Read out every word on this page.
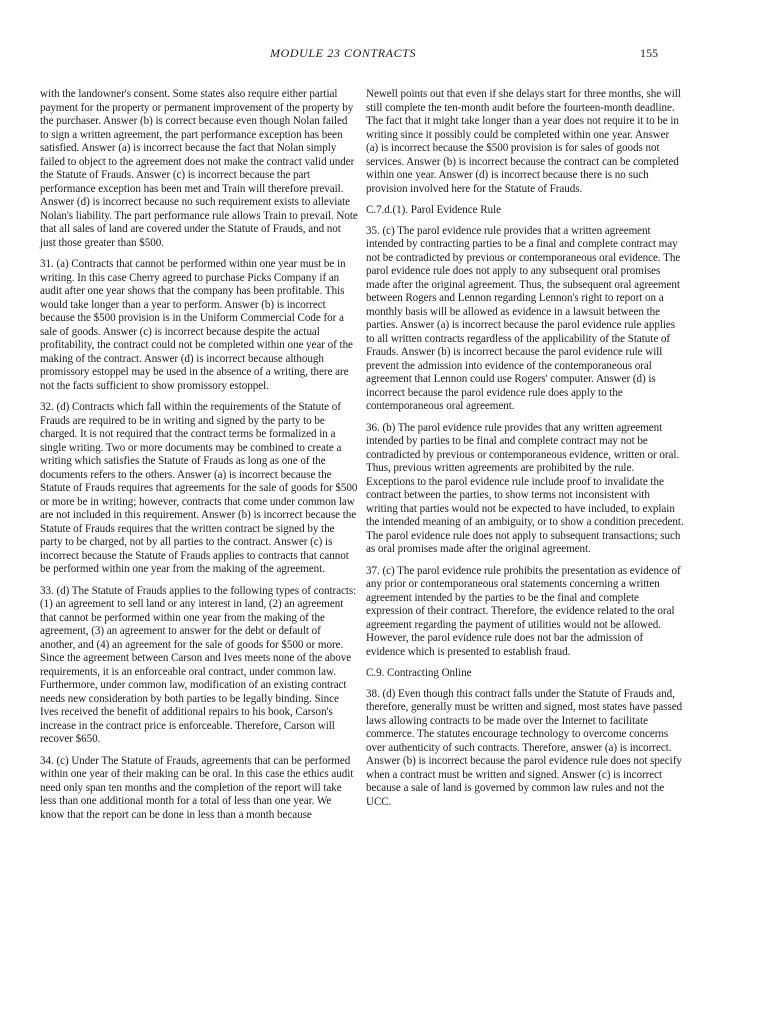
MODULE 23 CONTRACTS	155

with the landowner's consent. Some states also require either partial payment for the property or permanent improvement of the property by the purchaser. Answer (b) is correct because even though Nolan failed to sign a written agreement, the part performance exception has been satisfied. Answer (a) is incorrect because the fact that Nolan simply failed to object to the agreement does not make the contract valid under the Statute of Frauds. Answer (c) is incorrect because the part performance exception has been met and Train will therefore prevail. Answer (d) is incorrect because no such requirement exists to alleviate Nolan's liability. The part performance rule allows Train to prevail. Note that all sales of land are covered under the Statute of Frauds, and not just those greater than $500.

31. (a) Contracts that cannot be performed within one year must be in writing. In this case Cherry agreed to purchase Picks Company if an audit after one year shows that the company has been profitable. This would take longer than a year to perform. Answer (b) is incorrect because the $500 provision is in the Uniform Commercial Code for a sale of goods. Answer (c) is incorrect because despite the actual profitability, the contract could not be completed within one year of the making of the contract. Answer (d) is incorrect because although promissory estoppel may be used in the absence of a writing, there are not the facts sufficient to show promissory estoppel.

32. (d) Contracts which fall within the requirements of the Statute of Frauds are required to be in writing and signed by the party to be charged. It is not required that the contract terms be formalized in a single writing. Two or more documents may be combined to create a writing which satisfies the Statute of Frauds as long as one of the documents refers to the others. Answer (a) is incorrect because the Statute of Frauds requires that agreements for the sale of goods for $500 or more be in writing; however, contracts that come under common law are not included in this requirement. Answer (b) is incorrect because the Statute of Frauds requires that the written contract be signed by the party to be charged, not by all parties to the contract. Answer (c) is incorrect because the Statute of Frauds applies to contracts that cannot be performed within one year from the making of the agreement.

33. (d) The Statute of Frauds applies to the following types of contracts: (1) an agreement to sell land or any interest in land, (2) an agreement that cannot be performed within one year from the making of the agreement, (3) an agreement to answer for the debt or default of another, and (4) an agreement for the sale of goods for $500 or more. Since the agreement between Carson and Ives meets none of the above requirements, it is an enforceable oral contract, under common law. Furthermore, under common law, modification of an existing contract needs new consideration by both parties to be legally binding. Since Ives received the benefit of additional repairs to his book, Carson's increase in the contract price is enforceable. Therefore, Carson will recover $650.

34. (c) Under The Statute of Frauds, agreements that can be performed within one year of their making can be oral. In this case the ethics audit need only span ten months and the completion of the report will take less than one additional month for a total of less than one year. We know that the report can be done in less than a month because

Newell points out that even if she delays start for three months, she will still complete the ten-month audit before the fourteen-month deadline. The fact that it might take longer than a year does not require it to be in writing since it possibly could be completed within one year. Answer (a) is incorrect because the $500 provision is for sales of goods not services. Answer (b) is incorrect because the contract can be completed within one year. Answer (d) is incorrect because there is no such provision involved here for the Statute of Frauds.

C.7.d.(1). Parol Evidence Rule

35. (c) The parol evidence rule provides that a written agreement intended by contracting parties to be a final and complete contract may not be contradicted by previous or contemporaneous oral evidence. The parol evidence rule does not apply to any subsequent oral promises made after the original agreement. Thus, the subsequent oral agreement between Rogers and Lennon regarding Lennon's right to report on a monthly basis will be allowed as evidence in a lawsuit between the parties. Answer (a) is incorrect because the parol evidence rule applies to all written contracts regardless of the applicability of the Statute of Frauds. Answer (b) is incorrect because the parol evidence rule will prevent the admission into evidence of the contemporaneous oral agreement that Lennon could use Rogers' computer. Answer (d) is incorrect because the parol evidence rule does apply to the contemporaneous oral agreement.

36. (b) The parol evidence rule provides that any written agreement intended by parties to be final and complete contract may not be contradicted by previous or contemporaneous evidence, written or oral. Thus, previous written agreements are prohibited by the rule. Exceptions to the parol evidence rule include proof to invalidate the contract between the parties, to show terms not inconsistent with writing that parties would not be expected to have included, to explain the intended meaning of an ambiguity, or to show a condition precedent. The parol evidence rule does not apply to subsequent transactions; such as oral promises made after the original agreement.

37. (c) The parol evidence rule prohibits the presentation as evidence of any prior or contemporaneous oral statements concerning a written agreement intended by the parties to be the final and complete expression of their contract. Therefore, the evidence related to the oral agreement regarding the payment of utilities would not be allowed. However, the parol evidence rule does not bar the admission of evidence which is presented to establish fraud.

C.9. Contracting Online

38. (d) Even though this contract falls under the Statute of Frauds and, therefore, generally must be written and signed, most states have passed laws allowing contracts to be made over the Internet to facilitate commerce. The statutes encourage technology to overcome concerns over authenticity of such contracts. Therefore, answer (a) is incorrect. Answer (b) is incorrect because the parol evidence rule does not specify when a contract must be written and signed. Answer (c) is incorrect because a sale of land is governed by common law rules and not the UCC.
